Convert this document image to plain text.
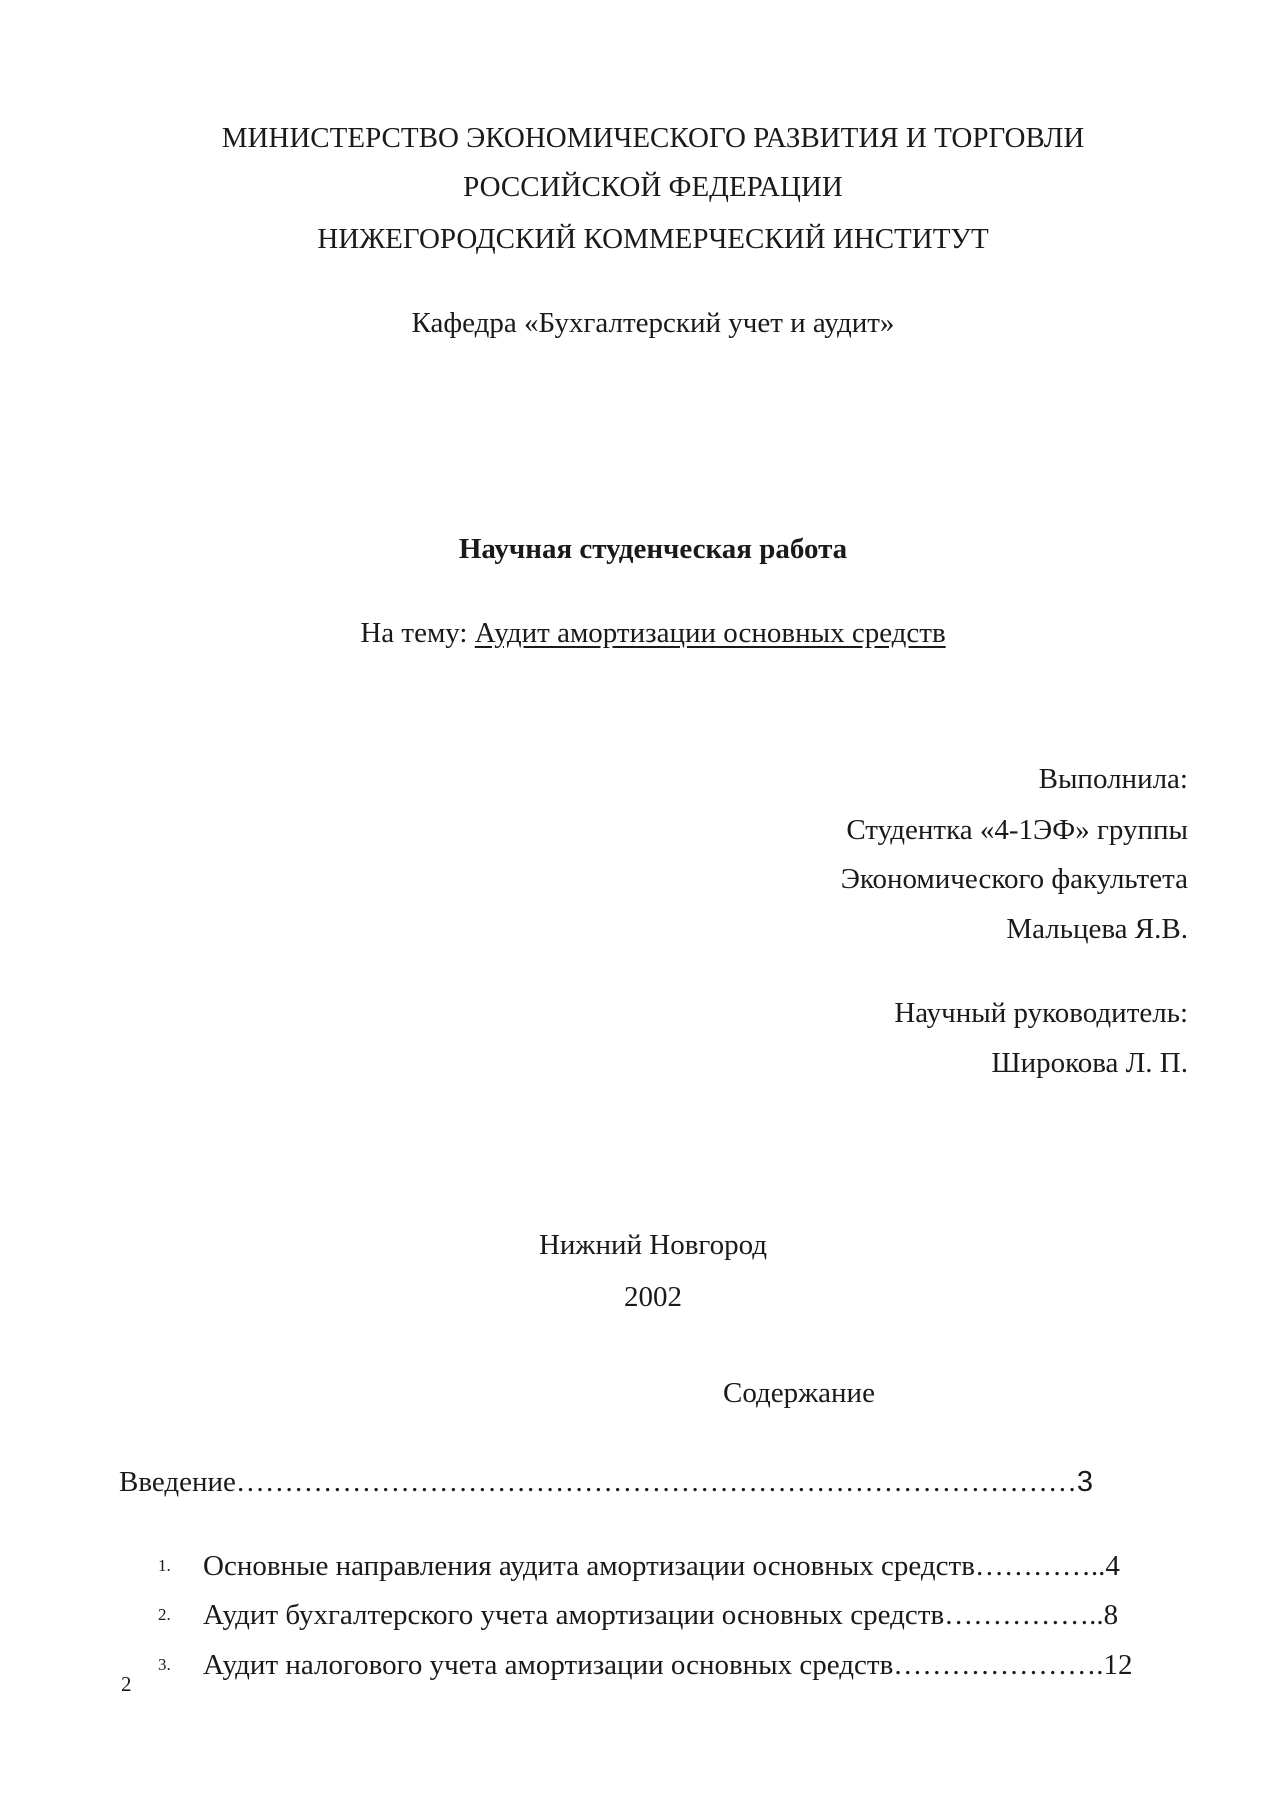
МИНИСТЕРСТВО ЭКОНОМИЧЕСКОГО РАЗВИТИЯ И ТОРГОВЛИ
РОССИЙСКОЙ ФЕДЕРАЦИИ
НИЖЕГОРОДСКИЙ КОММЕРЧЕСКИЙ ИНСТИТУТ
Кафедра «Бухгалтерский учет и аудит»
Научная студенческая работа
На тему: Аудит амортизации основных средств
Выполнила:
Студентка «4-1ЭФ» группы
Экономического факультета
Мальцева Я.В.
Научный руководитель:
Широкова Л. П.
Нижний Новгород
2002
Содержание
Введение……………………………………………………………………………3
1. Основные направления аудита амортизации основных средств…………..4
2. Аудит бухгалтерского учета амортизации основных средств……………..8
3. Аудит налогового учета амортизации основных средств………………….12
2
